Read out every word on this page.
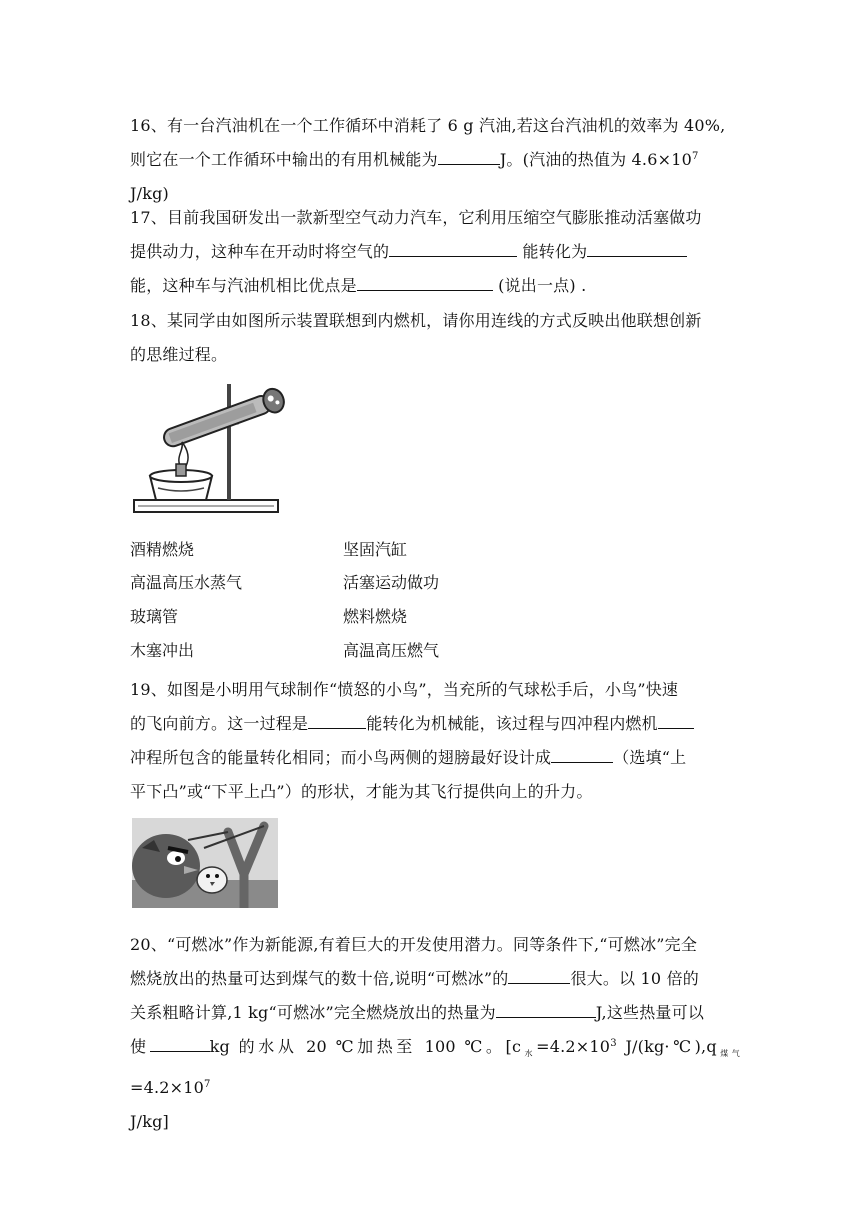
16、有一台汽油机在一个工作循环中消耗了 6 g 汽油,若这台汽油机的效率为 40%,
则它在一个工作循环中输出的有用机械能为	J。(汽油的热值为 $4.6\times 10^7$
J/kg)
17、目前我国研发出一款新型空气动力汽车，它利用压缩空气膨胀推动活塞做功
提供动力，这种车在开动时将空气的	能转化为
能，这种车与汽油机相比优点是	(说出一点) .
18、某同学由如图所示装置联想到内燃机，请你用连线的方式反映出他联想创新
的思维过程。
酒精燃烧	坚固汽缸
高温高压水蒸气	活塞运动做功
玻璃管	燃料燃烧
木塞冲出	高温高压燃气
19、如图是小明用气球制作“愤怒的小鸟”，当充所的气球松手后，小鸟”快速
的飞向前方。这一过程是	能转化为机械能，该过程与四冲程内燃机
冲程所包含的能量转化相同；而小鸟两侧的翅膀最好设计成	（选填“上
平下凸”或“下平上凸”）的形状，才能为其飞行提供向上的升力。
20、“可燃冰”作为新能源,有着巨大的开发使用潜力。同等条件下,“可燃冰”完全
燃烧放出的热量可达到煤气的数十倍,说明“可燃冰”的	很大。以 10 倍的
关系粗略计算,1 kg“可燃冰”完全燃烧放出的热量为	J,这些热量可以
使	kg 的水从 20 ℃加热至 100 ℃。[$c_水=4.2\times 10^3$ $J/(kg\cdot℃),q_{煤气}=4.2\times 10^7$
J/kg]
